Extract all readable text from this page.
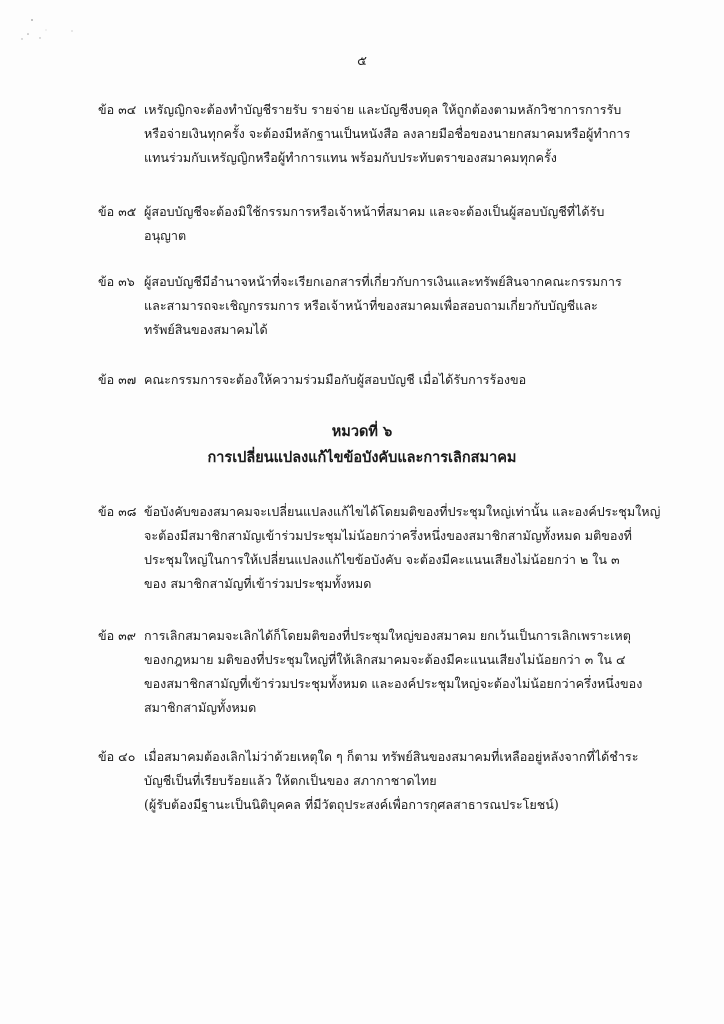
๕
ข้อ ๓๔ เหรัญญิกจะต้องทำบัญชีรายรับ รายจ่าย และบัญชีงบดุล ให้ถูกต้องตามหลักวิชาการการรับ
หรือจ่ายเงินทุกครั้ง จะต้องมีหลักฐานเป็นหนังสือ ลงลายมือชื่อของนายกสมาคมหรือผู้ทำการ
แทนร่วมกับเหรัญญิกหรือผู้ทำการแทน พร้อมกับประทับตราของสมาคมทุกครั้ง
ข้อ ๓๕ ผู้สอบบัญชีจะต้องมิใช้กรรมการหรือเจ้าหน้าที่สมาคม และจะต้องเป็นผู้สอบบัญชีที่ได้รับ
อนุญาต
ข้อ ๓๖ ผู้สอบบัญชีมีอำนาจหน้าที่จะเรียกเอกสารที่เกี่ยวกับการเงินและทรัพย์สินจากคณะกรรมการ
และสามารถจะเชิญกรรมการ หรือเจ้าหน้าที่ของสมาคมเพื่อสอบถามเกี่ยวกับบัญชีและ
ทรัพย์สินของสมาคมได้
ข้อ ๓๗ คณะกรรมการจะต้องให้ความร่วมมือกับผู้สอบบัญชี เมื่อได้รับการร้องขอ
หมวดที่ ๖
การเปลี่ยนแปลงแก้ไขข้อบังคับและการเลิกสมาคม
ข้อ ๓๘ ข้อบังคับของสมาคมจะเปลี่ยนแปลงแก้ไขได้โดยมติของที่ประชุมใหญ่เท่านั้น และองค์ประชุมใหญ่
จะต้องมีสมาชิกสามัญเข้าร่วมประชุมไม่น้อยกว่าครึ่งหนึ่งของสมาชิกสามัญทั้งหมด มติของที่
ประชุมใหญ่ในการให้เปลี่ยนแปลงแก้ไขข้อบังคับ จะต้องมีคะแนนเสียงไม่น้อยกว่า ๒ ใน ๓
ของ สมาชิกสามัญที่เข้าร่วมประชุมทั้งหมด
ข้อ ๓๙ การเลิกสมาคมจะเลิกได้ก็โดยมติของที่ประชุมใหญ่ของสมาคม ยกเว้นเป็นการเลิกเพราะเหตุ
ของกฎหมาย มติของที่ประชุมใหญ่ที่ให้เลิกสมาคมจะต้องมีคะแนนเสียงไม่น้อยกว่า ๓ ใน ๔
ของสมาชิกสามัญที่เข้าร่วมประชุมทั้งหมด และองค์ประชุมใหญ่จะต้องไม่น้อยกว่าครึ่งหนึ่งของ
สมาชิกสามัญทั้งหมด
ข้อ ๔๐ เมื่อสมาคมต้องเลิกไม่ว่าด้วยเหตุใด ๆ ก็ตาม ทรัพย์สินของสมาคมที่เหลืออยู่หลังจากที่ได้ชำระ
บัญชีเป็นที่เรียบร้อยแล้ว ให้ตกเป็นของ สภากาชาดไทย
(ผู้รับต้องมีฐานะเป็นนิติบุคคล ที่มีวัตถุประสงค์เพื่อการกุศลสาธารณประโยชน์)
